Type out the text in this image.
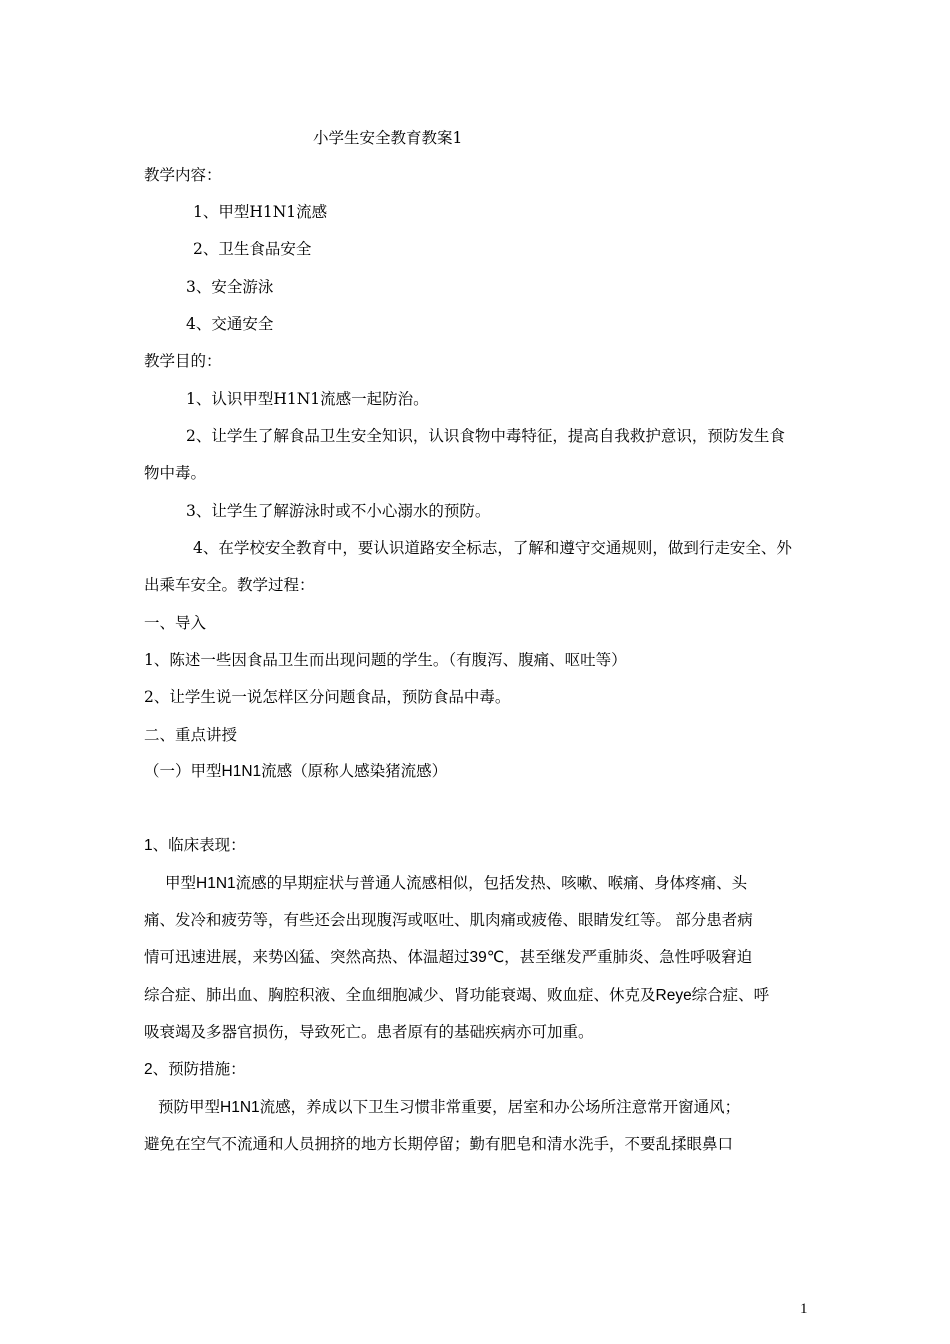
小学生安全教育教案1
教学内容：
1、甲型H1N1流感
2、卫生食品安全
3、安全游泳
4、交通安全
教学目的：
1、认识甲型H1N1流感一起防治。
2、让学生了解食品卫生安全知识，认识食物中毒特征，提高自我救护意识，预防发生食
物中毒。
3、让学生了解游泳时或不小心溺水的预防。
4、在学校安全教育中，要认识道路安全标志，了解和遵守交通规则，做到行走安全、外
出乘车安全。教学过程：
一、导入
1、陈述一些因食品卫生而出现问题的学生。（有腹泻、腹痛、呕吐等）
2、让学生说一说怎样区分问题食品，预防食品中毒。
二、重点讲授
（一）甲型H1N1流感（原称人感染猪流感）
1、临床表现：
甲型H1N1流感的早期症状与普通人流感相似，包括发热、咳嗽、喉痛、身体疼痛、头
痛、发冷和疲劳等，有些还会出现腹泻或呕吐、肌肉痛或疲倦、眼睛发红等。 部分患者病
情可迅速进展，来势凶猛、突然高热、体温超过39℃，甚至继发严重肺炎、急性呼吸窘迫
综合症、肺出血、胸腔积液、全血细胞减少、肾功能衰竭、败血症、休克及Reye综合症、呼
吸衰竭及多器官损伤，导致死亡。患者原有的基础疾病亦可加重。
2、预防措施：
预防甲型H1N1流感，养成以下卫生习惯非常重要，居室和办公场所注意常开窗通风；
避免在空气不流通和人员拥挤的地方长期停留；勤有肥皂和清水洗手，不要乱揉眼鼻口
1
